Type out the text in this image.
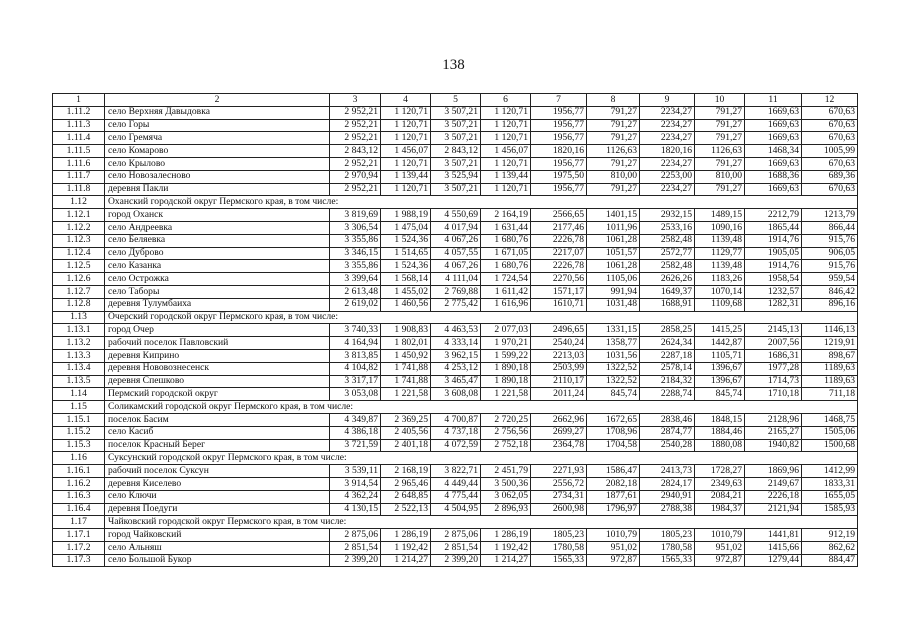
138
1	2	3	4	5	6	7	8	9	10	11	12
1.11.2	село Верхняя Давыдовка	2 952,21	1 120,71	3 507,21	1 120,71	1956,77	791,27	2234,27	791,27	1669,63	670,63
1.11.3	село Горы	2 952,21	1 120,71	3 507,21	1 120,71	1956,77	791,27	2234,27	791,27	1669,63	670,63
1.11.4	село Гремяча	2 952,21	1 120,71	3 507,21	1 120,71	1956,77	791,27	2234,27	791,27	1669,63	670,63
1.11.5	село Комарово	2 843,12	1 456,07	2 843,12	1 456,07	1820,16	1126,63	1820,16	1126,63	1468,34	1005,99
1.11.6	село Крылово	2 952,21	1 120,71	3 507,21	1 120,71	1956,77	791,27	2234,27	791,27	1669,63	670,63
1.11.7	село Новозалесново	2 970,94	1 139,44	3 525,94	1 139,44	1975,50	810,00	2253,00	810,00	1688,36	689,36
1.11.8	деревня Пакли	2 952,21	1 120,71	3 507,21	1 120,71	1956,77	791,27	2234,27	791,27	1669,63	670,63
1.12	Оханский городской округ Пермского края, в том числе:										
1.12.1	город Оханск	3 819,69	1 988,19	4 550,69	2 164,19	2566,65	1401,15	2932,15	1489,15	2212,79	1213,79
1.12.2	село Андреевка	3 306,54	1 475,04	4 017,94	1 631,44	2177,46	1011,96	2533,16	1090,16	1865,44	866,44
1.12.3	село Беляевка	3 355,86	1 524,36	4 067,26	1 680,76	2226,78	1061,28	2582,48	1139,48	1914,76	915,76
1.12.4	село Дуброво	3 346,15	1 514,65	4 057,55	1 671,05	2217,07	1051,57	2572,77	1129,77	1905,05	906,05
1.12.5	село Казанка	3 355,86	1 524,36	4 067,26	1 680,76	2226,78	1061,28	2582,48	1139,48	1914,76	915,76
1.12.6	село Острожка	3 399,64	1 568,14	4 111,04	1 724,54	2270,56	1105,06	2626,26	1183,26	1958,54	959,54
1.12.7	село Таборы	2 613,48	1 455,02	2 769,88	1 611,42	1571,17	991,94	1649,37	1070,14	1232,57	846,42
1.12.8	деревня Тулумбаиха	2 619,02	1 460,56	2 775,42	1 616,96	1610,71	1031,48	1688,91	1109,68	1282,31	896,16
1.13	Очерский городской округ Пермского края, в том числе:										
1.13.1	город Очер	3 740,33	1 908,83	4 463,53	2 077,03	2496,65	1331,15	2858,25	1415,25	2145,13	1146,13
1.13.2	рабочий поселок Павловский	4 164,94	1 802,01	4 333,14	1 970,21	2540,24	1358,77	2624,34	1442,87	2007,56	1219,91
1.13.3	деревня Киприно	3 813,85	1 450,92	3 962,15	1 599,22	2213,03	1031,56	2287,18	1105,71	1686,31	898,67
1.13.4	деревня Нововознесенск	4 104,82	1 741,88	4 253,12	1 890,18	2503,99	1322,52	2578,14	1396,67	1977,28	1189,63
1.13.5	деревня Спешково	3 317,17	1 741,88	3 465,47	1 890,18	2110,17	1322,52	2184,32	1396,67	1714,73	1189,63
1.14	Пермский городской округ	3 053,08	1 221,58	3 608,08	1 221,58	2011,24	845,74	2288,74	845,74	1710,18	711,18
1.15	Соликамский городской округ Пермского края, в том числе:										
1.15.1	поселок Басим	4 349,87	2 369,25	4 700,87	2 720,25	2662,96	1672,65	2838,46	1848,15	2128,96	1468,75
1.15.2	село Касиб	4 386,18	2 405,56	4 737,18	2 756,56	2699,27	1708,96	2874,77	1884,46	2165,27	1505,06
1.15.3	поселок Красный Берег	3 721,59	2 401,18	4 072,59	2 752,18	2364,78	1704,58	2540,28	1880,08	1940,82	1500,68
1.16	Суксунский городской округ Пермского края, в том числе:										
1.16.1	рабочий поселок Суксун	3 539,11	2 168,19	3 822,71	2 451,79	2271,93	1586,47	2413,73	1728,27	1869,96	1412,99
1.16.2	деревня Киселево	3 914,54	2 965,46	4 449,44	3 500,36	2556,72	2082,18	2824,17	2349,63	2149,67	1833,31
1.16.3	село Ключи	4 362,24	2 648,85	4 775,44	3 062,05	2734,31	1877,61	2940,91	2084,21	2226,18	1655,05
1.16.4	деревня Поедуги	4 130,15	2 522,13	4 504,95	2 896,93	2600,98	1796,97	2788,38	1984,37	2121,94	1585,93
1.17	Чайковский городской округ Пермского края, в том числе:										
1.17.1	город Чайковский	2 875,06	1 286,19	2 875,06	1 286,19	1805,23	1010,79	1805,23	1010,79	1441,81	912,19
1.17.2	село Альняш	2 851,54	1 192,42	2 851,54	1 192,42	1780,58	951,02	1780,58	951,02	1415,66	862,62
1.17.3	село Большой Букор	2 399,20	1 214,27	2 399,20	1 214,27	1565,33	972,87	1565,33	972,87	1279,44	884,47
